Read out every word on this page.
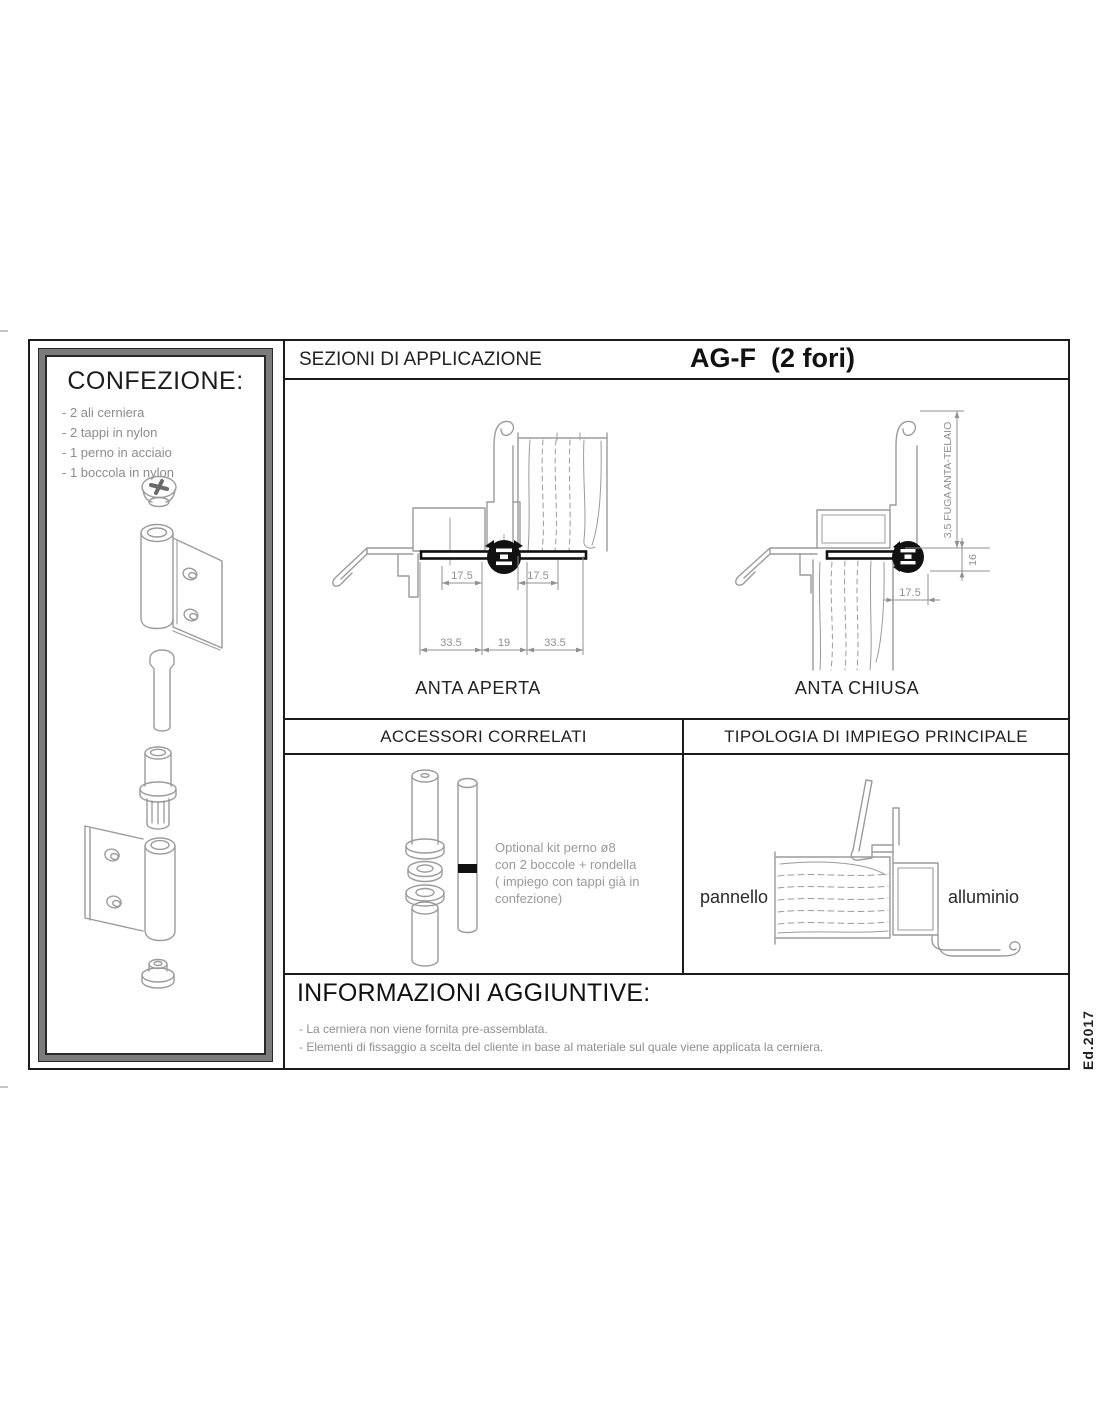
CONFEZIONE:
- 2 ali cerniera
- 2 tappi in nylon
- 1 perno in acciaio
- 1 boccola in nylon
SEZIONI DI APPLICAZIONE	AG-F  (2 fori)
17.5	17.5
33.5	19	33.5
ANTA APERTA
3,5 FUGA ANTA-TELAIO
16
17.5
ANTA CHIUSA
ACCESSORI CORRELATI	TIPOLOGIA DI IMPIEGO PRINCIPALE
Optional kit perno ø8
con 2 boccole + rondella
( impiego con tappi già in confezione)	pannello	alluminio
INFORMAZIONI AGGIUNTIVE:
- La cerniera non viene fornita pre-assemblata.
- Elementi di fissaggio a scelta del cliente in base al materiale sul quale viene applicata la cerniera.	Ed.2017
